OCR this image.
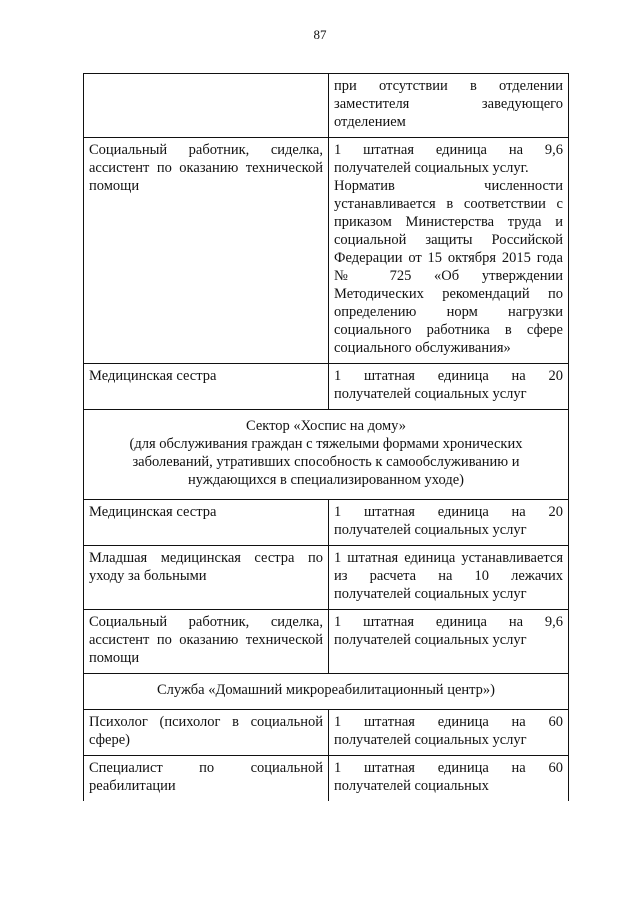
87
	при отсутствии в отделении заместителя заведующего отделением
Социальный работник, сиделка, ассистент по оказанию технической помощи	1 штатная единица на 9,6 получателей социальных услуг.
Норматив численности устанавливается в соответствии с приказом Министерства труда и социальной защиты Российской Федерации от 15 октября 2015 года № 725 «Об утверждении Методических рекомендаций по определению норм нагрузки социального работника в сфере социального обслуживания»

Медицинская сестра	1 штатная единица на 20 получателей социальных услуг

Сектор «Хоспис на дому»
(для обслуживания граждан с тяжелыми формами хронических заболеваний, утративших способность к самообслуживанию и нуждающихся в специализированном уходе)	

Медицинская сестра	1 штатная единица на 20 получателей социальных услуг
Младшая медицинская сестра по уходу за больными	1 штатная единица устанавливается из расчета на 10 лежачих получателей социальных услуг
Социальный работник, сиделка, ассистент по оказанию технической помощи	1 штатная единица на 9,6 получателей социальных услуг

Служба «Домашний микрореабилитационный центр»)	

Психолог (психолог в социальной сфере)	1 штатная единица на 60 получателей социальных услуг
Специалист по социальной реабилитации	1 штатная единица на 60 получателей социальных
